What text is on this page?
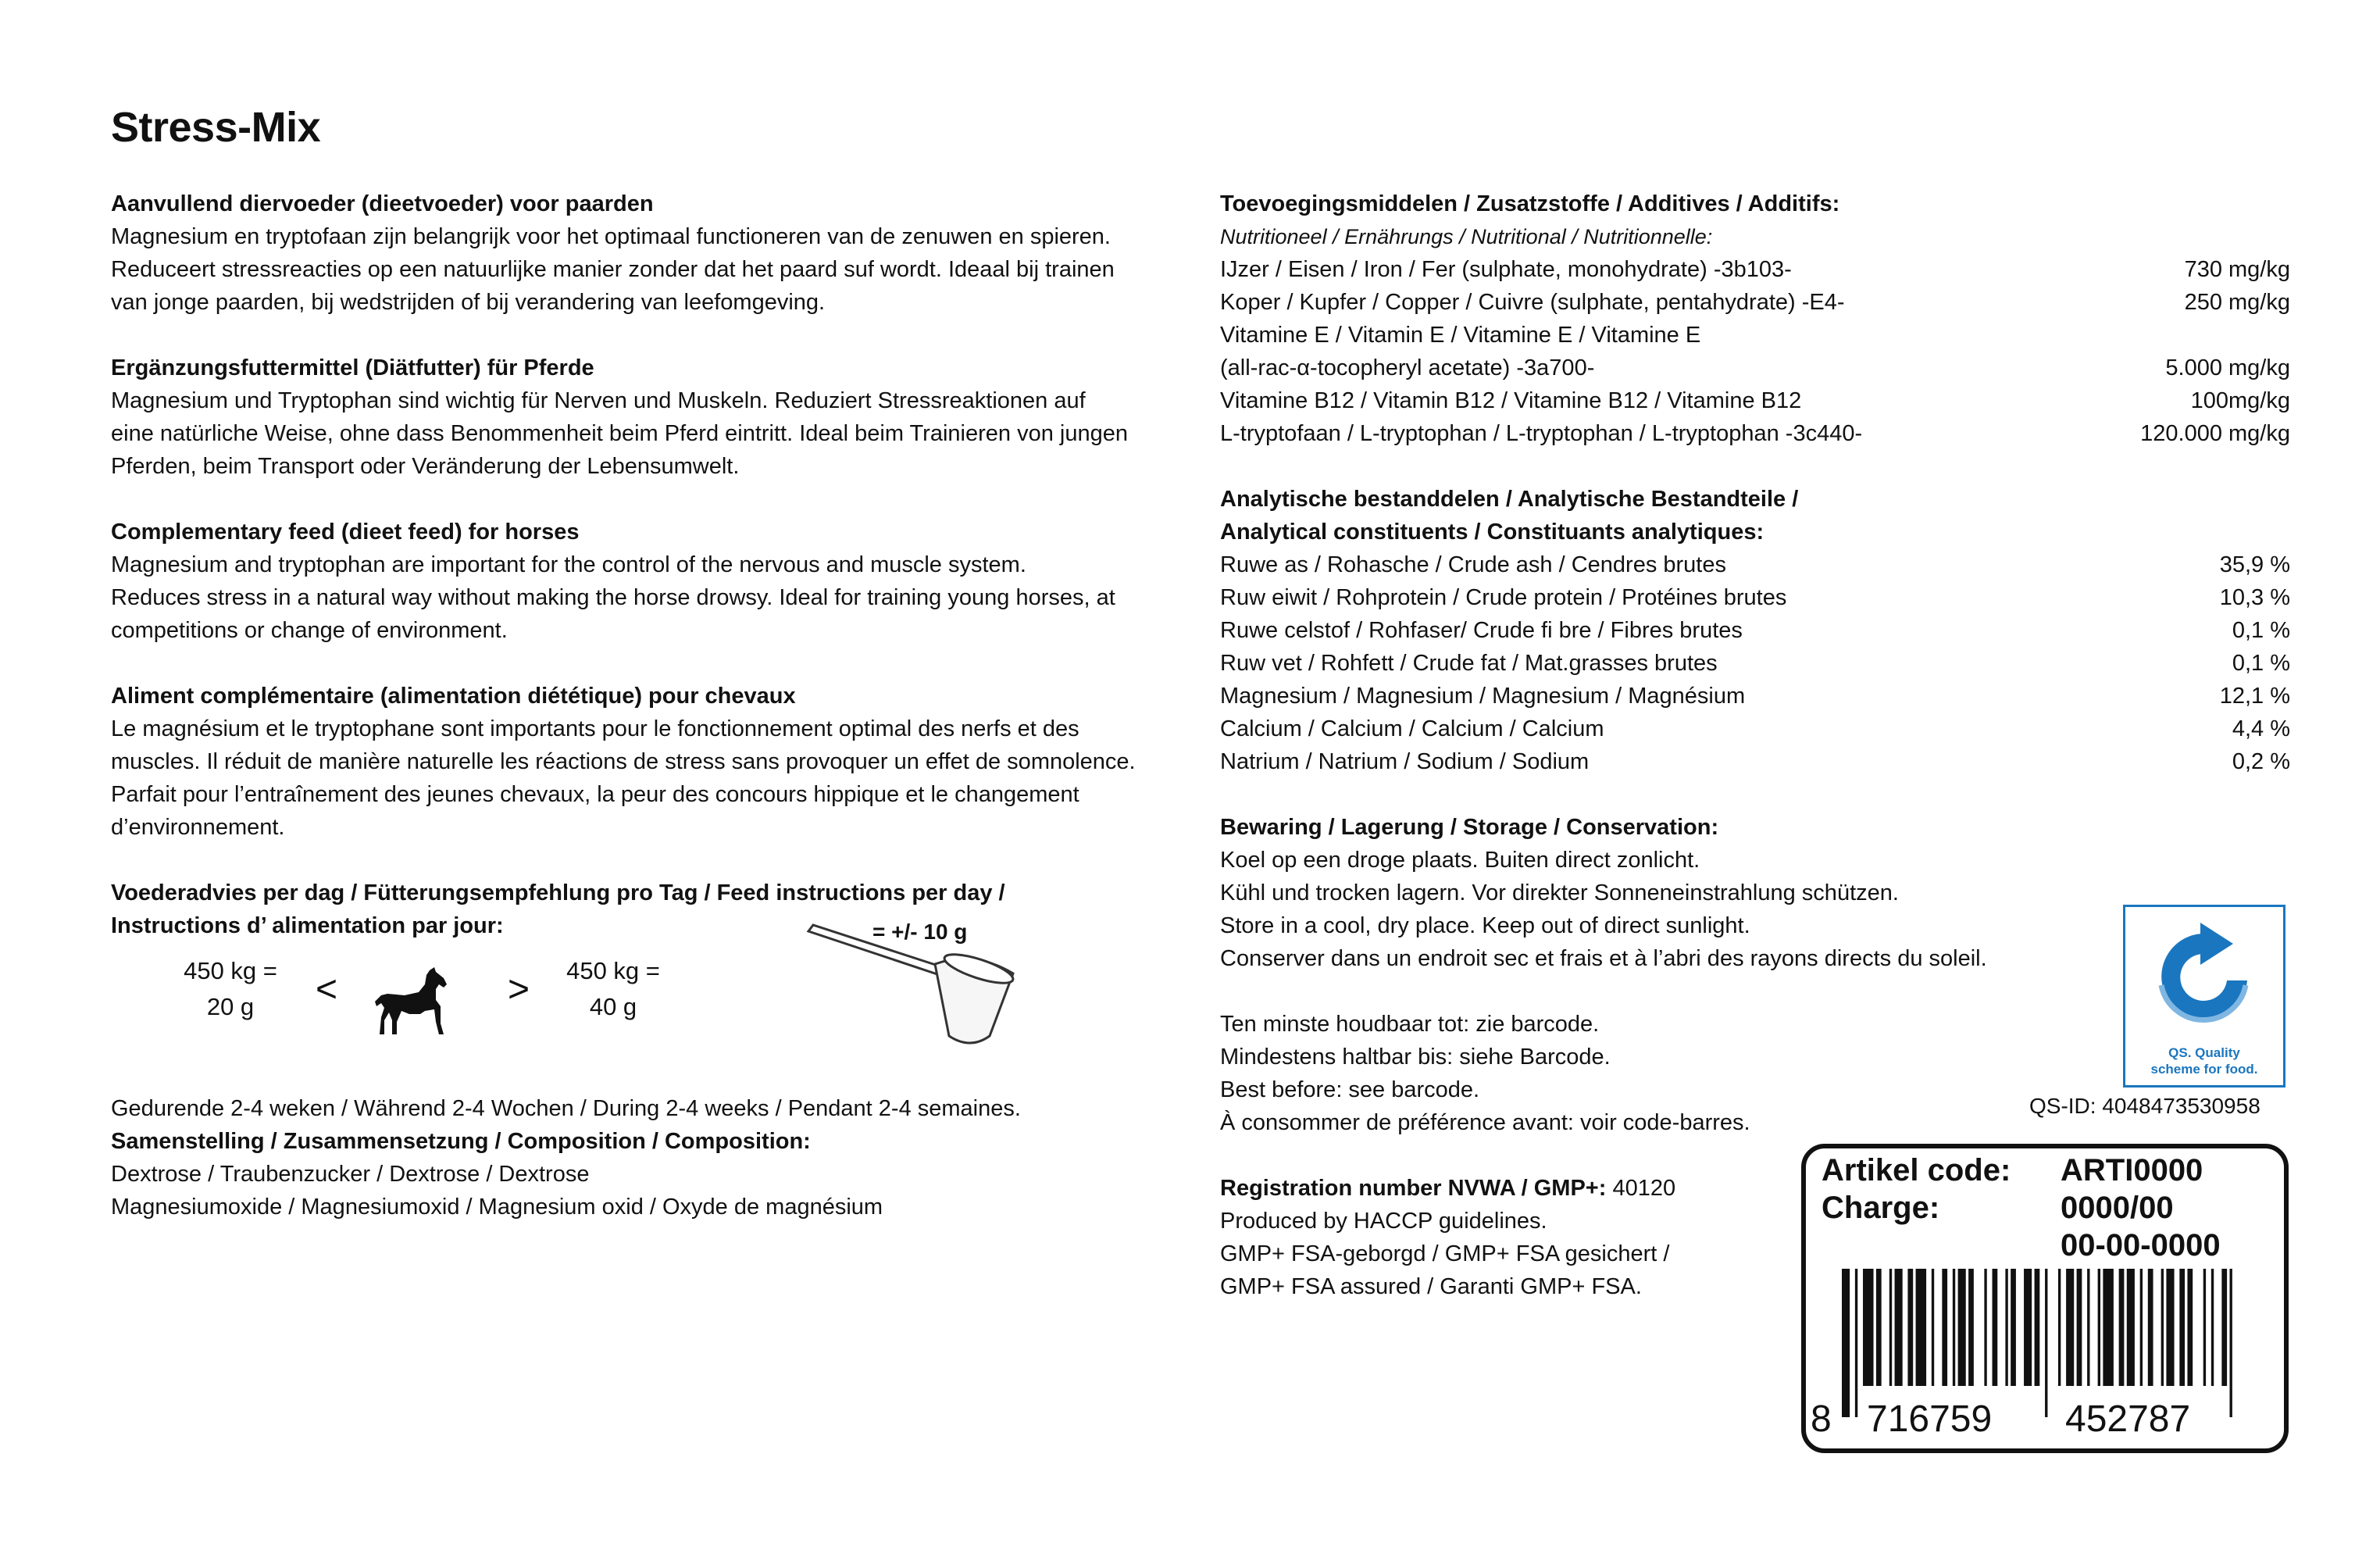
Stress-Mix
Aanvullend diervoeder (dieetvoeder) voor paarden

Magnesium en tryptofaan zijn belangrijk voor het optimaal functioneren van de zenuwen en spieren.

Reduceert stressreacties op een natuurlijke manier zonder dat het paard suf wordt. Ideaal bij trainen

van jonge paarden, bij wedstrijden of bij verandering van leefomgeving.

Ergänzungsfuttermittel (Diätfutter) für Pferde

Magnesium und Tryptophan sind wichtig für Nerven und Muskeln. Reduziert Stressreaktionen auf

eine natürliche Weise, ohne dass Benommenheit beim Pferd eintritt. Ideal beim Trainieren von jungen

Pferden, beim Transport oder Veränderung der Lebensumwelt.

Complementary feed (dieet feed) for horses

Magnesium and tryptophan are important for the control of the nervous and muscle system.

Reduces stress in a natural way without making the horse drowsy. Ideal for training young horses, at

competitions or change of environment.

Aliment complémentaire (alimentation diététique) pour chevaux

Le magnésium et le tryptophane sont importants pour le fonctionnement optimal des nerfs et des

muscles. Il réduit de manière naturelle les réactions de stress sans provoquer un effet de somnolence.

Parfait pour l’entraînement des jeunes chevaux, la peur des concours hippique et le changement

d’environnement.

Voederadvies per dag / Fütterungsempfehlung pro Tag / Feed instructions per day /
Instructions d’ alimentation par jour:
450 kg =
20 g	<	>	450 kg =
40 g
= +/- 10 g

Gedurende 2-4 weken / Während 2-4 Wochen / During 2-4 weeks / Pendant 2-4 semaines.

Samenstelling / Zusammensetzung / Composition / Composition:

Dextrose / Traubenzucker / Dextrose / Dextrose

Magnesiumoxide / Magnesiumoxid / Magnesium oxid / Oxyde de magnésium

Toevoegingsmiddelen / Zusatzstoffe / Additives / Additifs:
Nutritioneel / Ernährungs / Nutritional / Nutritionnelle:
IJzer / Eisen / Iron / Fer (sulphate, monohydrate) -3b103-	730 mg/kg
Koper / Kupfer / Copper / Cuivre (sulphate, pentahydrate) -E4-	250 mg/kg
Vitamine E / Vitamin E / Vitamine E / Vitamine E
(all-rac-α-tocopheryl acetate) -3a700-	5.000 mg/kg
Vitamine B12 / Vitamin B12 / Vitamine B12 / Vitamine B12	100mg/kg
L-tryptofaan / L-tryptophan / L-tryptophan / L-tryptophan -3c440-	120.000 mg/kg
Analytische bestanddelen / Analytische Bestandteile /
Analytical constituents / Constituants analytiques:
Ruwe as / Rohasche / Crude ash / Cendres brutes	35,9 %
Ruw eiwit / Rohprotein / Crude protein / Protéines brutes	10,3 %
Ruwe celstof / Rohfaser/ Crude fi bre / Fibres brutes	0,1 %
Ruw vet / Rohfett / Crude fat / Mat.grasses brutes	0,1 %
Magnesium / Magnesium / Magnesium / Magnésium	12,1 %
Calcium / Calcium / Calcium / Calcium	4,4 %
Natrium / Natrium / Sodium / Sodium	0,2 %
Bewaring / Lagerung / Storage / Conservation:

Koel op een droge plaats. Buiten direct zonlicht.

Kühl und trocken lagern. Vor direkter Sonneneinstrahlung schützen.

Store in a cool, dry place. Keep out of direct sunlight.

Conserver dans un endroit sec et frais et à l’abri des rayons directs du soleil.

Ten minste houdbaar tot: zie barcode.

Mindestens haltbar bis: siehe Barcode.

Best before: see barcode.

À consommer de préférence avant: voir code-barres.

Registration number NVWA / GMP+: 40120

Produced by HACCP guidelines.

GMP+ FSA-geborgd / GMP+ FSA gesichert /

GMP+ FSA assured / Garanti GMP+ FSA.

QS. Quality
scheme for food.
QS-ID: 4048473530958
Artikel code: ARTI0000
Charge:	0000/00
00-00-0000
8 716759 452787
